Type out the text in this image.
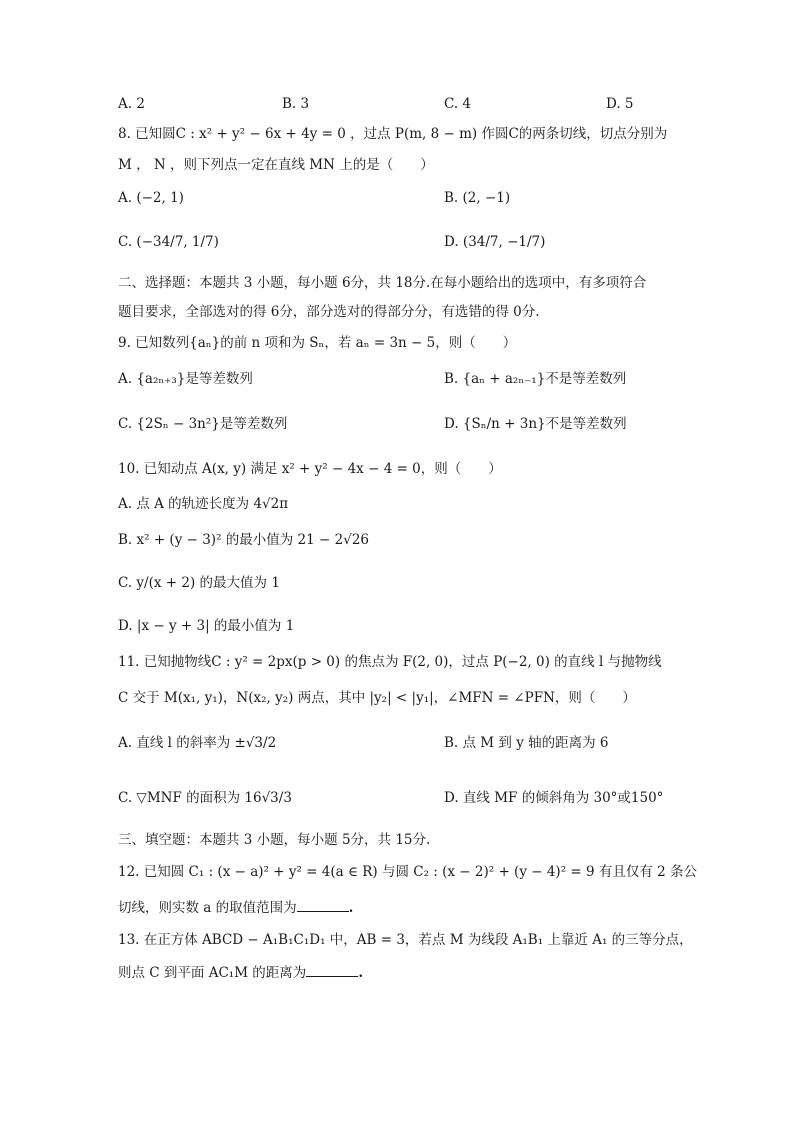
A. 2	B. 3	C. 4	D. 5
8. 已知圆C : x² + y² − 6x + 4y = 0 ，过点 P(m, 8 − m) 作圆C的两条切线，切点分别为
M ， N ，则下列点一定在直线 MN 上的是（　　）
A. (−2, 1)	B. (2, −1)
C. (−34/7, 1/7)	D. (34/7, −1/7)
二、选择题：本题共 3 小题，每小题 6分，共 18分.在每小题给出的选项中，有多项符合
题目要求，全部选对的得 6分，部分选对的得部分分，有选错的得 0分.
9. 已知数列{aₙ}的前 n 项和为 Sₙ，若 aₙ = 3n − 5，则（　　）
A. {a₂ₙ₊₃}是等差数列	B. {aₙ + a₂ₙ₋₁}不是等差数列
C. {2Sₙ − 3n²}是等差数列	D. {Sₙ/n + 3n}不是等差数列
10. 已知动点 A(x, y) 满足 x² + y² − 4x − 4 = 0，则（　　）
A. 点 A 的轨迹长度为 4√2π
B. x² + (y − 3)² 的最小值为 21 − 2√26
C. y/(x + 2) 的最大值为 1
D. |x − y + 3| 的最小值为 1
11. 已知抛物线C : y² = 2px(p > 0) 的焦点为 F(2, 0)，过点 P(−2, 0) 的直线 l 与抛物线
C 交于 M(x₁, y₁)，N(x₂, y₂) 两点，其中 |y₂| < |y₁|，∠MFN = ∠PFN，则（　　）
A. 直线 l 的斜率为 ±√3/2	B. 点 M 到 y 轴的距离为 6
C. ▽MNF 的面积为 16√3/3	D. 直线 MF 的倾斜角为 30°或150°
三、填空题：本题共 3 小题，每小题 5分，共 15分.
12. 已知圆 C₁ : (x − a)² + y² = 4(a ∈ R) 与圆 C₂ : (x − 2)² + (y − 4)² = 9 有且仅有 2 条公
切线，则实数 a 的取值范围为	.
13. 在正方体 ABCD − A₁B₁C₁D₁ 中，AB = 3，若点 M 为线段 A₁B₁ 上靠近 A₁ 的三等分点，
则点 C 到平面 AC₁M 的距离为	.
